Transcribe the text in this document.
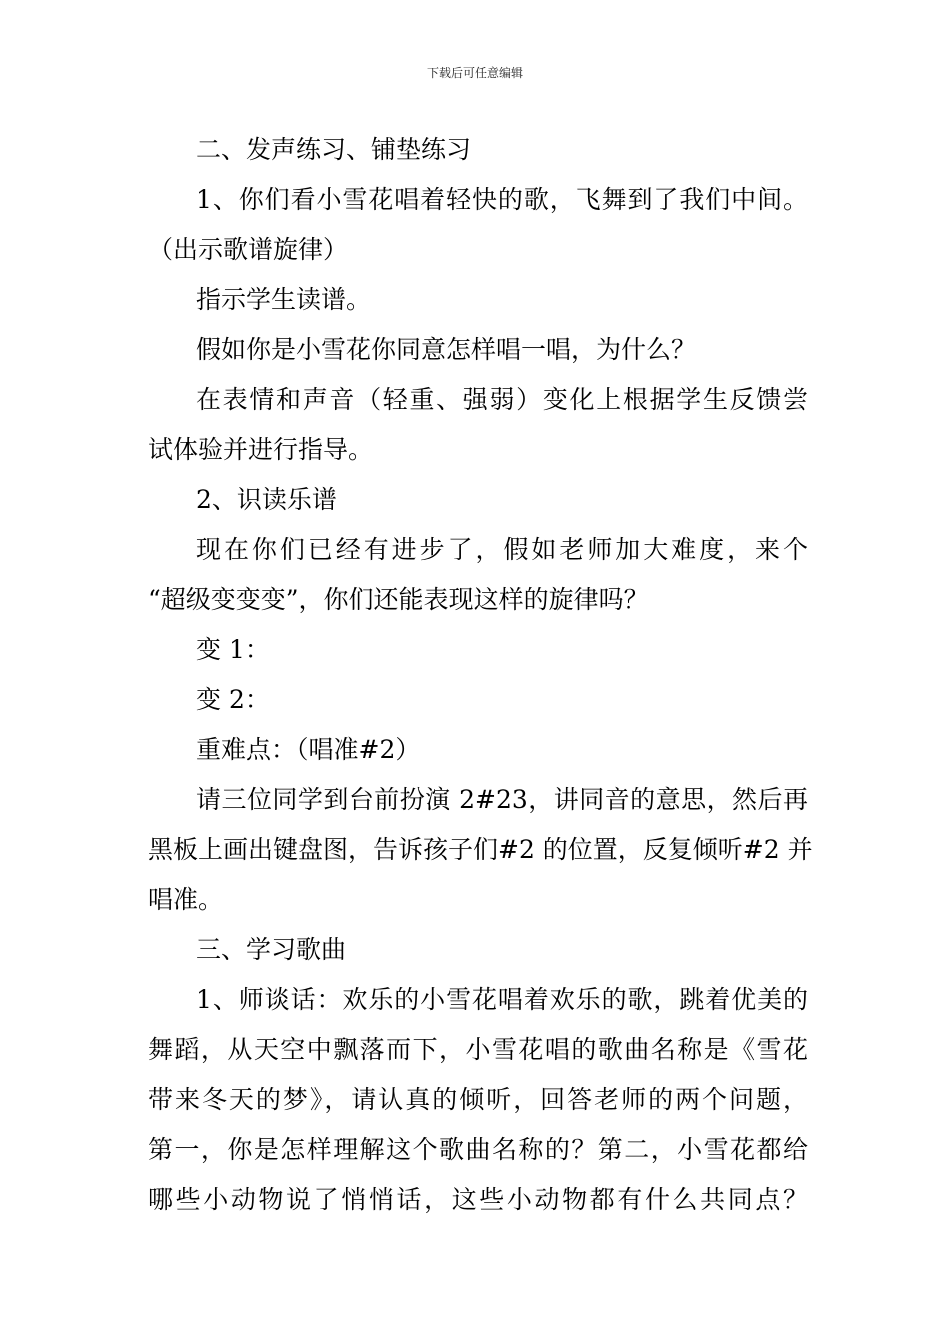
下载后可任意编辑
二、发声练习、铺垫练习
1、你们看小雪花唱着轻快的歌，飞舞到了我们中间。
（出示歌谱旋律）
指示学生读谱。
假如你是小雪花你同意怎样唱一唱，为什么？
在表情和声音（轻重、强弱）变化上根据学生反馈尝
试体验并进行指导。
2、识读乐谱
现在你们已经有进步了，假如老师加大难度，来个
“超级变变变”，你们还能表现这样的旋律吗？
变 1：
变 2：
重难点：（唱准#2）
请三位同学到台前扮演 2#23，讲同音的意思，然后再
黑板上画出键盘图，告诉孩子们#2 的位置，反复倾听#2 并
唱准。
三、学习歌曲
1、师谈话：欢乐的小雪花唱着欢乐的歌，跳着优美的
舞蹈，从天空中飘落而下，小雪花唱的歌曲名称是《雪花
带来冬天的梦》，请认真的倾听，回答老师的两个问题，
第一，你是怎样理解这个歌曲名称的？第二，小雪花都给
哪些小动物说了悄悄话，这些小动物都有什么共同点？
